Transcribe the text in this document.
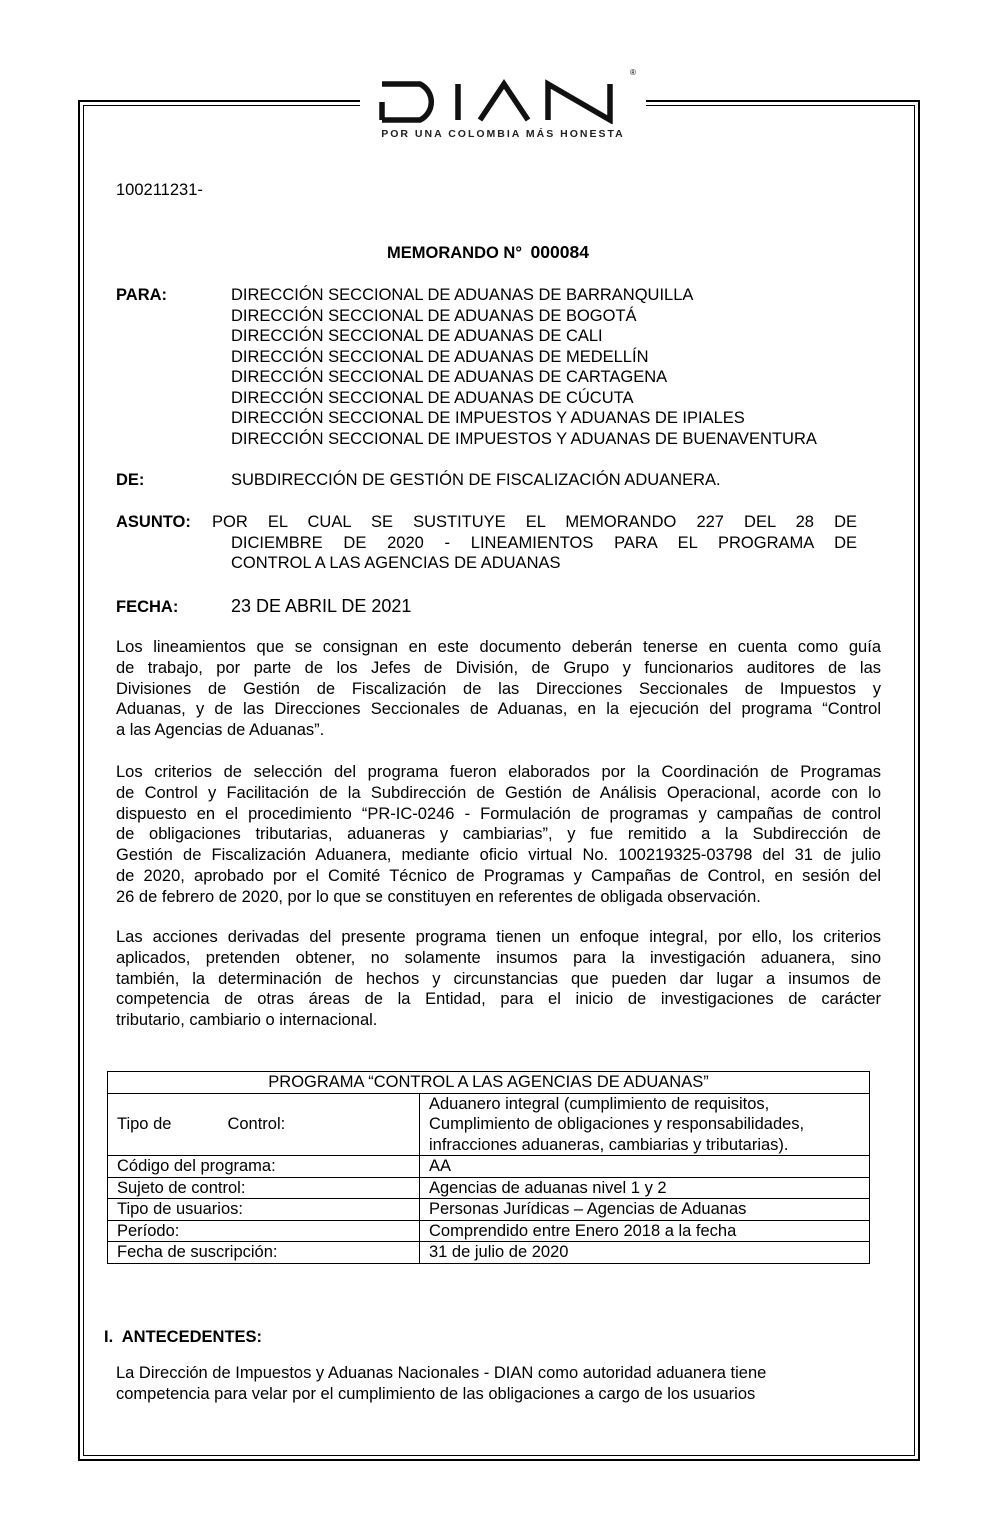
®
POR UNA COLOMBIA MÁS HONESTA
100211231-
MEMORANDO N° 000084
PARA:	DIRECCIÓN SECCIONAL DE ADUANAS DE BARRANQUILLA
DIRECCIÓN SECCIONAL DE ADUANAS DE BOGOTÁ
DIRECCIÓN SECCIONAL DE ADUANAS DE CALI
DIRECCIÓN SECCIONAL DE ADUANAS DE MEDELLÍN
DIRECCIÓN SECCIONAL DE ADUANAS DE CARTAGENA
DIRECCIÓN SECCIONAL DE ADUANAS DE CÚCUTA
DIRECCIÓN SECCIONAL DE IMPUESTOS Y ADUANAS DE IPIALES
DIRECCIÓN SECCIONAL DE IMPUESTOS Y ADUANAS DE BUENAVENTURA
DE:	SUBDIRECCIÓN DE GESTIÓN DE FISCALIZACIÓN ADUANERA.
ASUNTO: POR EL CUAL SE SUSTITUYE EL MEMORANDO 227 DEL 28 DE
DICIEMBRE DE 2020 - LINEAMIENTOS PARA EL PROGRAMA DE
CONTROL A LAS AGENCIAS DE ADUANAS
FECHA:	23 DE ABRIL DE 2021
Los lineamientos que se consignan en este documento deberán tenerse en cuenta como guía
de trabajo, por parte de los Jefes de División, de Grupo y funcionarios auditores de las
Divisiones de Gestión de Fiscalización de las Direcciones Seccionales de Impuestos y
Aduanas, y de las Direcciones Seccionales de Aduanas, en la ejecución del programa “Control
a las Agencias de Aduanas”.
Los criterios de selección del programa fueron elaborados por la Coordinación de Programas
de Control y Facilitación de la Subdirección de Gestión de Análisis Operacional, acorde con lo
dispuesto en el procedimiento “PR-IC-0246 - Formulación de programas y campañas de control
de obligaciones tributarias, aduaneras y cambiarias”, y fue remitido a la Subdirección de
Gestión de Fiscalización Aduanera, mediante oficio virtual No. 100219325-03798 del 31 de julio
de 2020, aprobado por el Comité Técnico de Programas y Campañas de Control, en sesión del
26 de febrero de 2020, por lo que se constituyen en referentes de obligada observación.
Las acciones derivadas del presente programa tienen un enfoque integral, por ello, los criterios
aplicados, pretenden obtener, no solamente insumos para la investigación aduanera, sino
también, la determinación de hechos y circunstancias que pueden dar lugar a insumos de
competencia de otras áreas de la Entidad, para el inicio de investigaciones de carácter
tributario, cambiario o internacional.
PROGRAMA “CONTROL A LAS AGENCIAS DE ADUANAS”	
Tipo de Control:	Aduanero integral (cumplimiento de requisitos,
Cumplimiento de obligaciones y responsabilidades,
infracciones aduaneras, cambiarias y tributarias).

Código del programa:	AA
Sujeto de control:	Agencias de aduanas nivel 1 y 2
Tipo de usuarios:	Personas Jurídicas – Agencias de Aduanas
Período:	Comprendido entre Enero 2018 a la fecha
Fecha de suscripción:	31 de julio de 2020
I. ANTECEDENTES:
La Dirección de Impuestos y Aduanas Nacionales - DIAN como autoridad aduanera tiene
competencia para velar por el cumplimiento de las obligaciones a cargo de los usuarios
